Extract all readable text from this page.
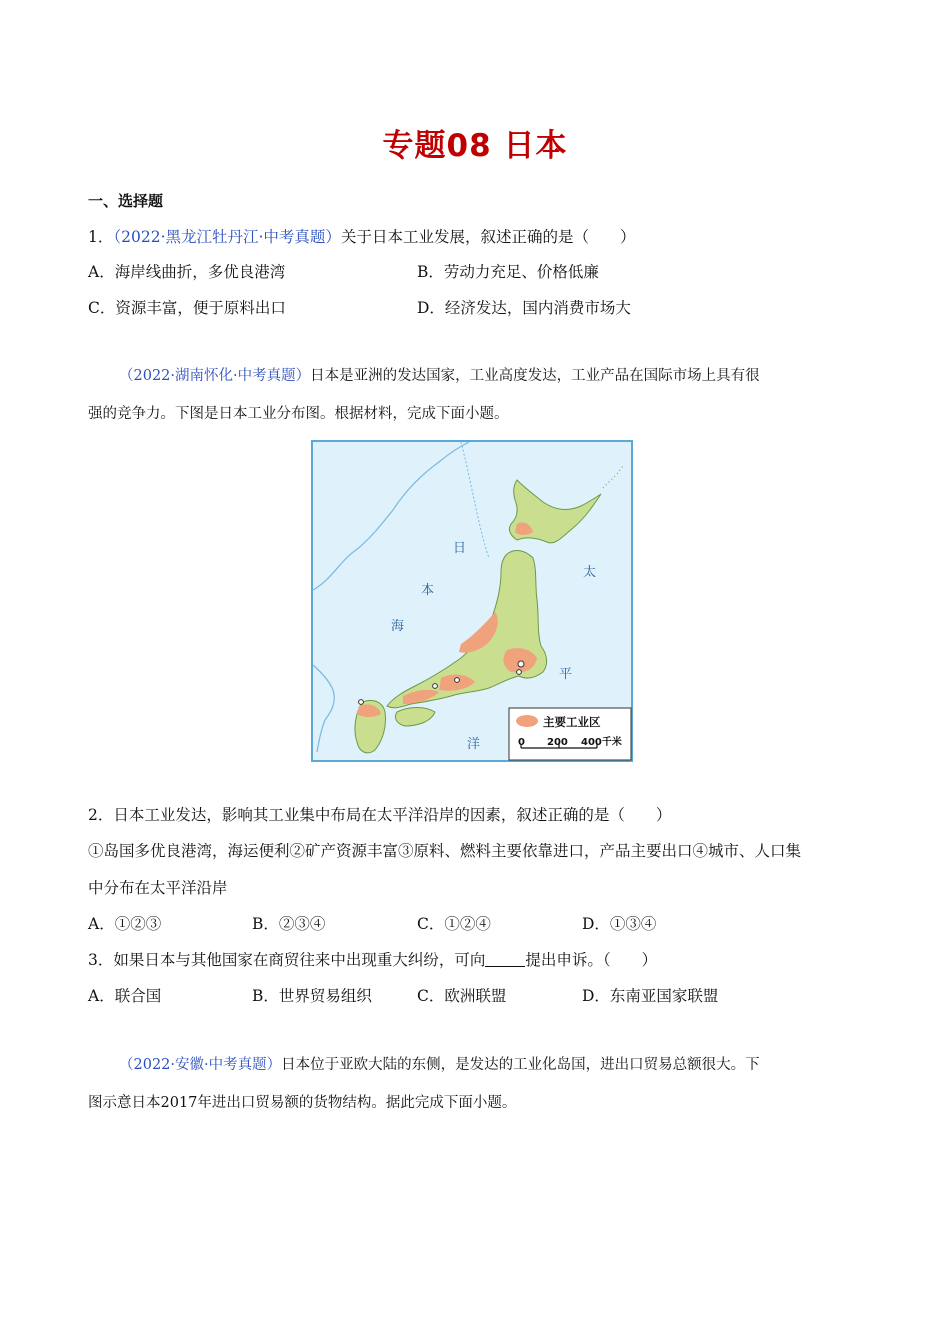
专题08 日本
一、选择题
1．（2022·黑龙江牡丹江·中考真题）关于日本工业发展，叙述正确的是（　　）
A．海岸线曲折，多优良港湾	B．劳动力充足、价格低廉
C．资源丰富，便于原料出口	D．经济发达，国内消费市场大
（2022·湖南怀化·中考真题）日本是亚洲的发达国家，工业高度发达，工业产品在国际市场上具有很
强的竞争力。下图是日本工业分布图。根据材料，完成下面小题。
日
本
海
太
平
洋
主要工业区
0 200 400千米
2．日本工业发达，影响其工业集中布局在太平洋沿岸的因素，叙述正确的是（　　）
①岛国多优良港湾，海运便利②矿产资源丰富③原料、燃料主要依靠进口，产品主要出口④城市、人口集
中分布在太平洋沿岸
A．①②③	B．②③④	C．①②④	D．①③④
3．如果日本与其他国家在商贸往来中出现重大纠纷，可向	提出申诉。（　　）
A．联合国	B．世界贸易组织	C．欧洲联盟	D．东南亚国家联盟
（2022·安徽·中考真题）日本位于亚欧大陆的东侧，是发达的工业化岛国，进出口贸易总额很大。下
图示意日本2017年进出口贸易额的货物结构。据此完成下面小题。
